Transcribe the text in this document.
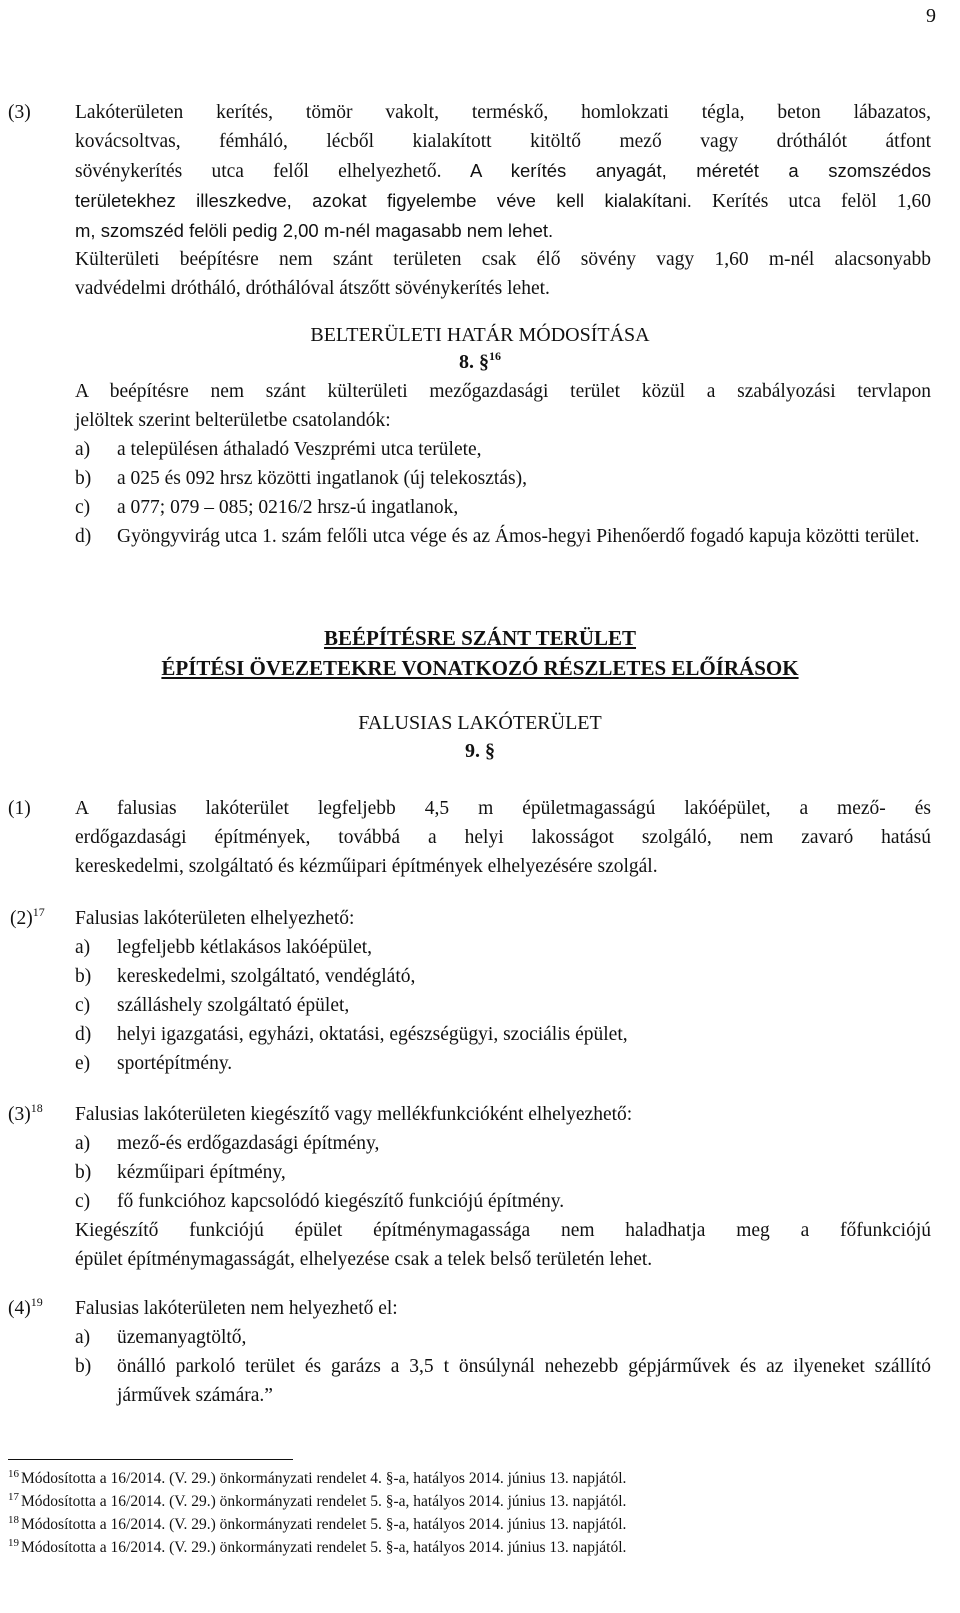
9
(3) Lakóterületen kerítés, tömör vakolt, terméskő, homlokzati tégla, beton lábazatos,
kovácsoltvas, fémháló, lécből kialakított kitöltő mező vagy dróthálót átfont
sövénykerítés utca felől elhelyezhető. A kerítés anyagát, méretét a szomszédos
területekhez illeszkedve, azokat figyelembe véve kell kialakítani. Kerítés utca felöl 1,60
m, szomszéd felöli pedig 2,00 m-nél magasabb nem lehet.
Külterületi beépítésre nem szánt területen csak élő sövény vagy 1,60 m-nél alacsonyabb
vadvédelmi drótháló, dróthálóval átszőtt sövénykerítés lehet.
BELTERÜLETI HATÁR MÓDOSÍTÁSA
8. §$^{16}$
A beépítésre nem szánt külterületi mezőgazdasági terület közül a szabályozási tervlapon
jelöltek szerint belterületbe csatolandók:
a)	a településen áthaladó Veszprémi utca területe,
b)	a 025 és 092 hrsz közötti ingatlanok (új telekosztás),
c)	a 077; 079 – 085; 0216/2 hrsz-ú ingatlanok,
d)	Gyöngyvirág utca 1. szám felőli utca vége és az Ámos-hegyi Pihenőerdő fogadó kapuja közötti terület.
BEÉPÍTÉSRE SZÁNT TERÜLET
ÉPÍTÉSI ÖVEZETEKRE VONATKOZÓ RÉSZLETES ELŐÍRÁSOK
FALUSIAS LAKÓTERÜLET
9. §
(1) A falusias lakóterület legfeljebb 4,5 m épületmagasságú lakóépület, a mező- és
erdőgazdasági építmények, továbbá a helyi lakosságot szolgáló, nem zavaró hatású
kereskedelmi, szolgáltató és kézműipari építmények elhelyezésére szolgál.
$(2)^{17}$ Falusias lakóterületen elhelyezhető:
a)	legfeljebb kétlakásos lakóépület,
b)	kereskedelmi, szolgáltató, vendéglátó,
c)	szálláshely szolgáltató épület,
d)	helyi igazgatási, egyházi, oktatási, egészségügyi, szociális épület,
e)	sportépítmény.
$(3)^{18}$ Falusias lakóterületen kiegészítő vagy mellékfunkcióként elhelyezhető:
a)	mező-és erdőgazdasági építmény,
b)	kézműipari építmény,
c)	fő funkcióhoz kapcsolódó kiegészítő funkciójú építmény.
Kiegészítő funkciójú épület építménymagassága nem haladhatja meg a főfunkciójú
épület építménymagasságát, elhelyezése csak a telek belső területén lehet.
$(4)^{19}$ Falusias lakóterületen nem helyezhető el:
a)	üzemanyagtöltő,
b)	önálló parkoló terület és garázs a 3,5 t önsúlynál nehezebb gépjárművek és az ilyeneket szállító járművek számára.”
$^{16}$ Módosította a 16/2014. (V. 29.) önkormányzati rendelet 4. §-a, hatályos 2014. június 13. napjától.
$^{17}$ Módosította a 16/2014. (V. 29.) önkormányzati rendelet 5. §-a, hatályos 2014. június 13. napjától.
$^{18}$ Módosította a 16/2014. (V. 29.) önkormányzati rendelet 5. §-a, hatályos 2014. június 13. napjától.
$^{19}$ Módosította a 16/2014. (V. 29.) önkormányzati rendelet 5. §-a, hatályos 2014. június 13. napjától.
